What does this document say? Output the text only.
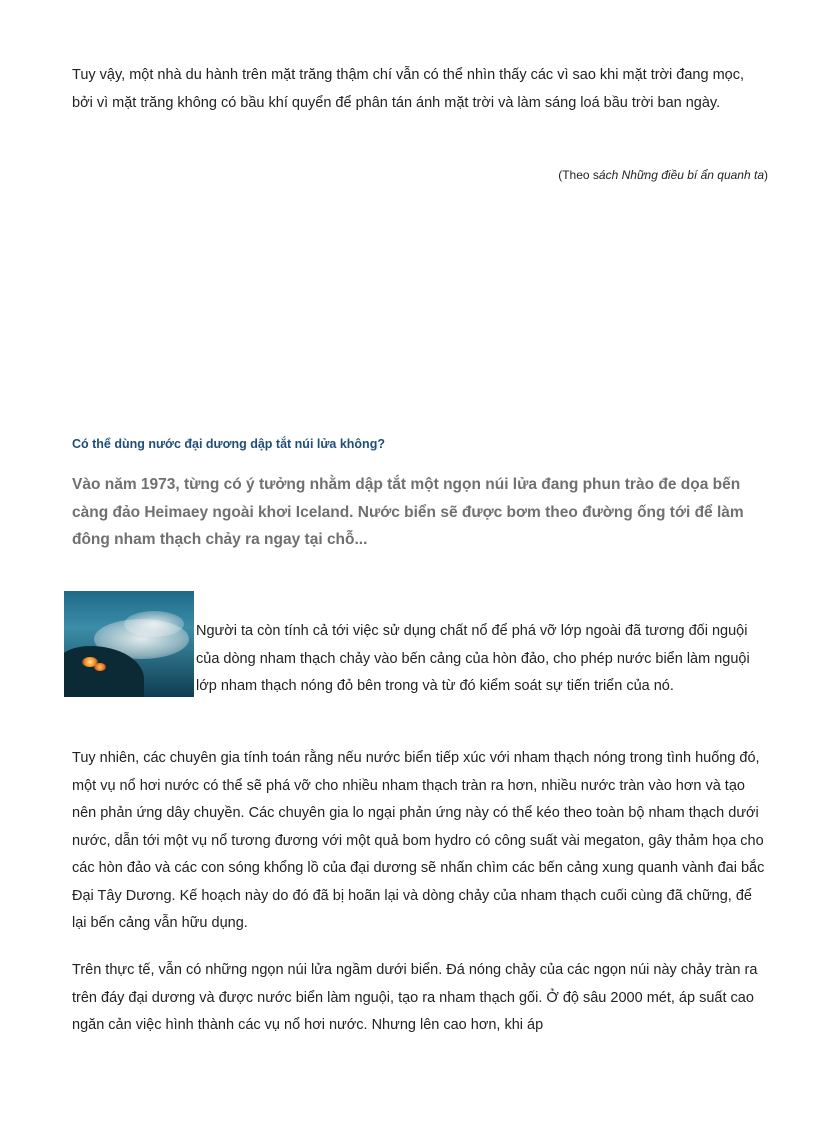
Tuy vậy, một nhà du hành trên mặt trăng thậm chí vẫn có thể nhìn thấy các vì sao khi mặt trời đang mọc, bởi vì mặt trăng không có bầu khí quyển để phân tán ánh mặt trời và làm sáng loá bầu trời ban ngày.

(Theo sách Những điều bí ẩn quanh ta)

Có thể dùng nước đại dương dập tắt núi lửa không?

Vào năm 1973, từng có ý tưởng nhằm dập tắt một ngọn núi lửa đang phun trào đe dọa bến càng đảo Heimaey ngoài khơi Iceland. Nước biển sẽ được bơm theo đường ống tới để làm đông nham thạch chảy ra ngay tại chỗ...

Người ta còn tính cả tới việc sử dụng chất nổ để phá vỡ lớp ngoài đã tương đối nguội của dòng nham thạch chảy vào bến cảng của hòn đảo, cho phép nước biển làm nguội lớp nham thạch nóng đỏ bên trong và từ đó kiểm soát sự tiến triển của nó.

Tuy nhiên, các chuyên gia tính toán rằng nếu nước biển tiếp xúc với nham thạch nóng trong tình huống đó, một vụ nổ hơi nước có thể sẽ phá vỡ cho nhiều nham thạch tràn ra hơn, nhiều nước tràn vào hơn và tạo nên phản ứng dây chuyền. Các chuyên gia lo ngại phản ứng này có thể kéo theo toàn bộ nham thạch dưới nước, dẫn tới một vụ nổ tương đương với một quả bom hydro có công suất vài megaton, gây thảm họa cho các hòn đảo và các con sóng khổng lồ của đại dương sẽ nhấn chìm các bến cảng xung quanh vành đai bắc Đại Tây Dương. Kế hoạch này do đó đã bị hoãn lại và dòng chảy của nham thạch cuối cùng đã chững, để lại bến cảng vẫn hữu dụng.

Trên thực tế, vẫn có những ngọn núi lửa ngầm dưới biển. Đá nóng chảy của các ngọn núi này chảy tràn ra trên đáy đại dương và được nước biển làm nguội, tạo ra nham thạch gối. Ở độ sâu 2000 mét, áp suất cao ngăn cản việc hình thành các vụ nổ hơi nước. Nhưng lên cao hơn, khi áp
